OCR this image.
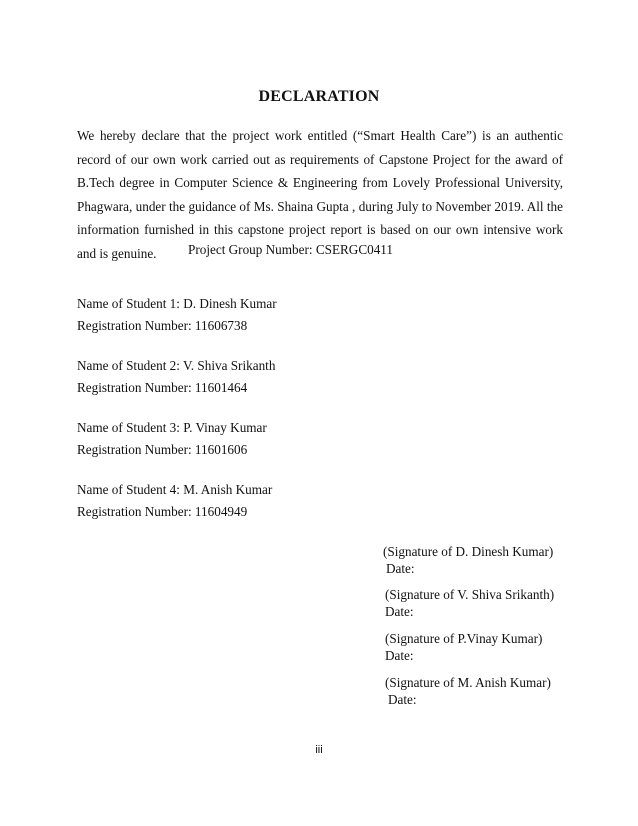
DECLARATION
We hereby declare that the project work entitled (“Smart Health Care”) is an authentic record of our own work carried out as requirements of Capstone Project for the award of B.Tech degree in Computer Science & Engineering from Lovely Professional University, Phagwara, under the guidance of Ms. Shaina Gupta , during July to November 2019. All the information furnished in this capstone project report is based on our own intensive work and is genuine.	Project Group Number: CSERGC0411
Name of Student 1: D. Dinesh Kumar
Registration Number: 11606738
Name of Student 2: V. Shiva Srikanth
Registration Number: 11601464
Name of Student 3: P. Vinay Kumar
Registration Number: 11601606
Name of Student 4: M. Anish Kumar
Registration Number: 11604949
(Signature of D. Dinesh Kumar)
Date:
(Signature of V. Shiva Srikanth)
Date:
(Signature of P.Vinay Kumar)
Date:
(Signature of M. Anish Kumar)
Date:
iii
